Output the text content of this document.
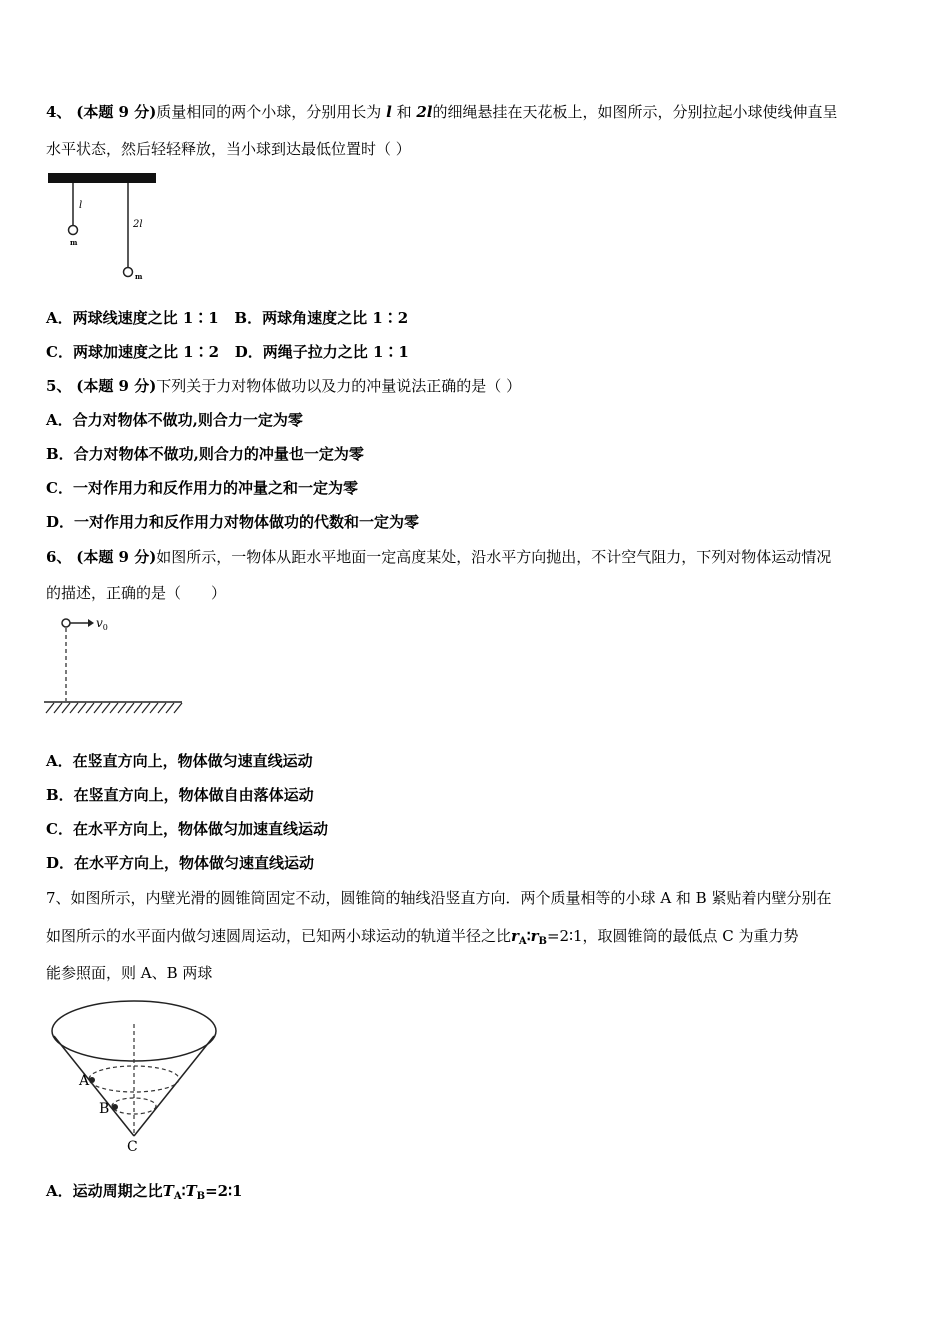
4、 (本题 9 分)质量相同的两个小球，分别用长为 l 和 2l的细绳悬挂在天花板上，如图所示，分别拉起小球使线伸直呈
水平状态，然后轻轻释放，当小球到达最低位置时（ ）
l
2l
m
m
A．两球线速度之比 1∶1 B．两球角速度之比 1∶2
C．两球加速度之比 1∶2 D．两绳子拉力之比 1∶1
5、 (本题 9 分)下列关于力对物体做功以及力的冲量说法正确的是（ ）
A．合力对物体不做功,则合力一定为零
B．合力对物体不做功,则合力的冲量也一定为零
C．一对作用力和反作用力的冲量之和一定为零
D．一对作用力和反作用力对物体做功的代数和一定为零
6、 (本题 9 分)如图所示，一物体从距水平地面一定高度某处，沿水平方向抛出，不计空气阻力，下列对物体运动情况
的描述，正确的是（　　）
$v_0$
A．在竖直方向上，物体做匀速直线运动
B．在竖直方向上，物体做自由落体运动
C．在水平方向上，物体做匀加速直线运动
D．在水平方向上，物体做匀速直线运动
7、如图所示，内壁光滑的圆锥筒固定不动，圆锥筒的轴线沿竖直方向．两个质量相等的小球 A 和 B 紧贴着内壁分别在
如图所示的水平面内做匀速圆周运动，已知两小球运动的轨道半径之比$r_A∶r_B=2∶1$，取圆锥筒的最低点 C 为重力势
能参照面，则 A、B 两球
A
B
C
A．运动周期之比$T_A∶T_B=2∶1$
